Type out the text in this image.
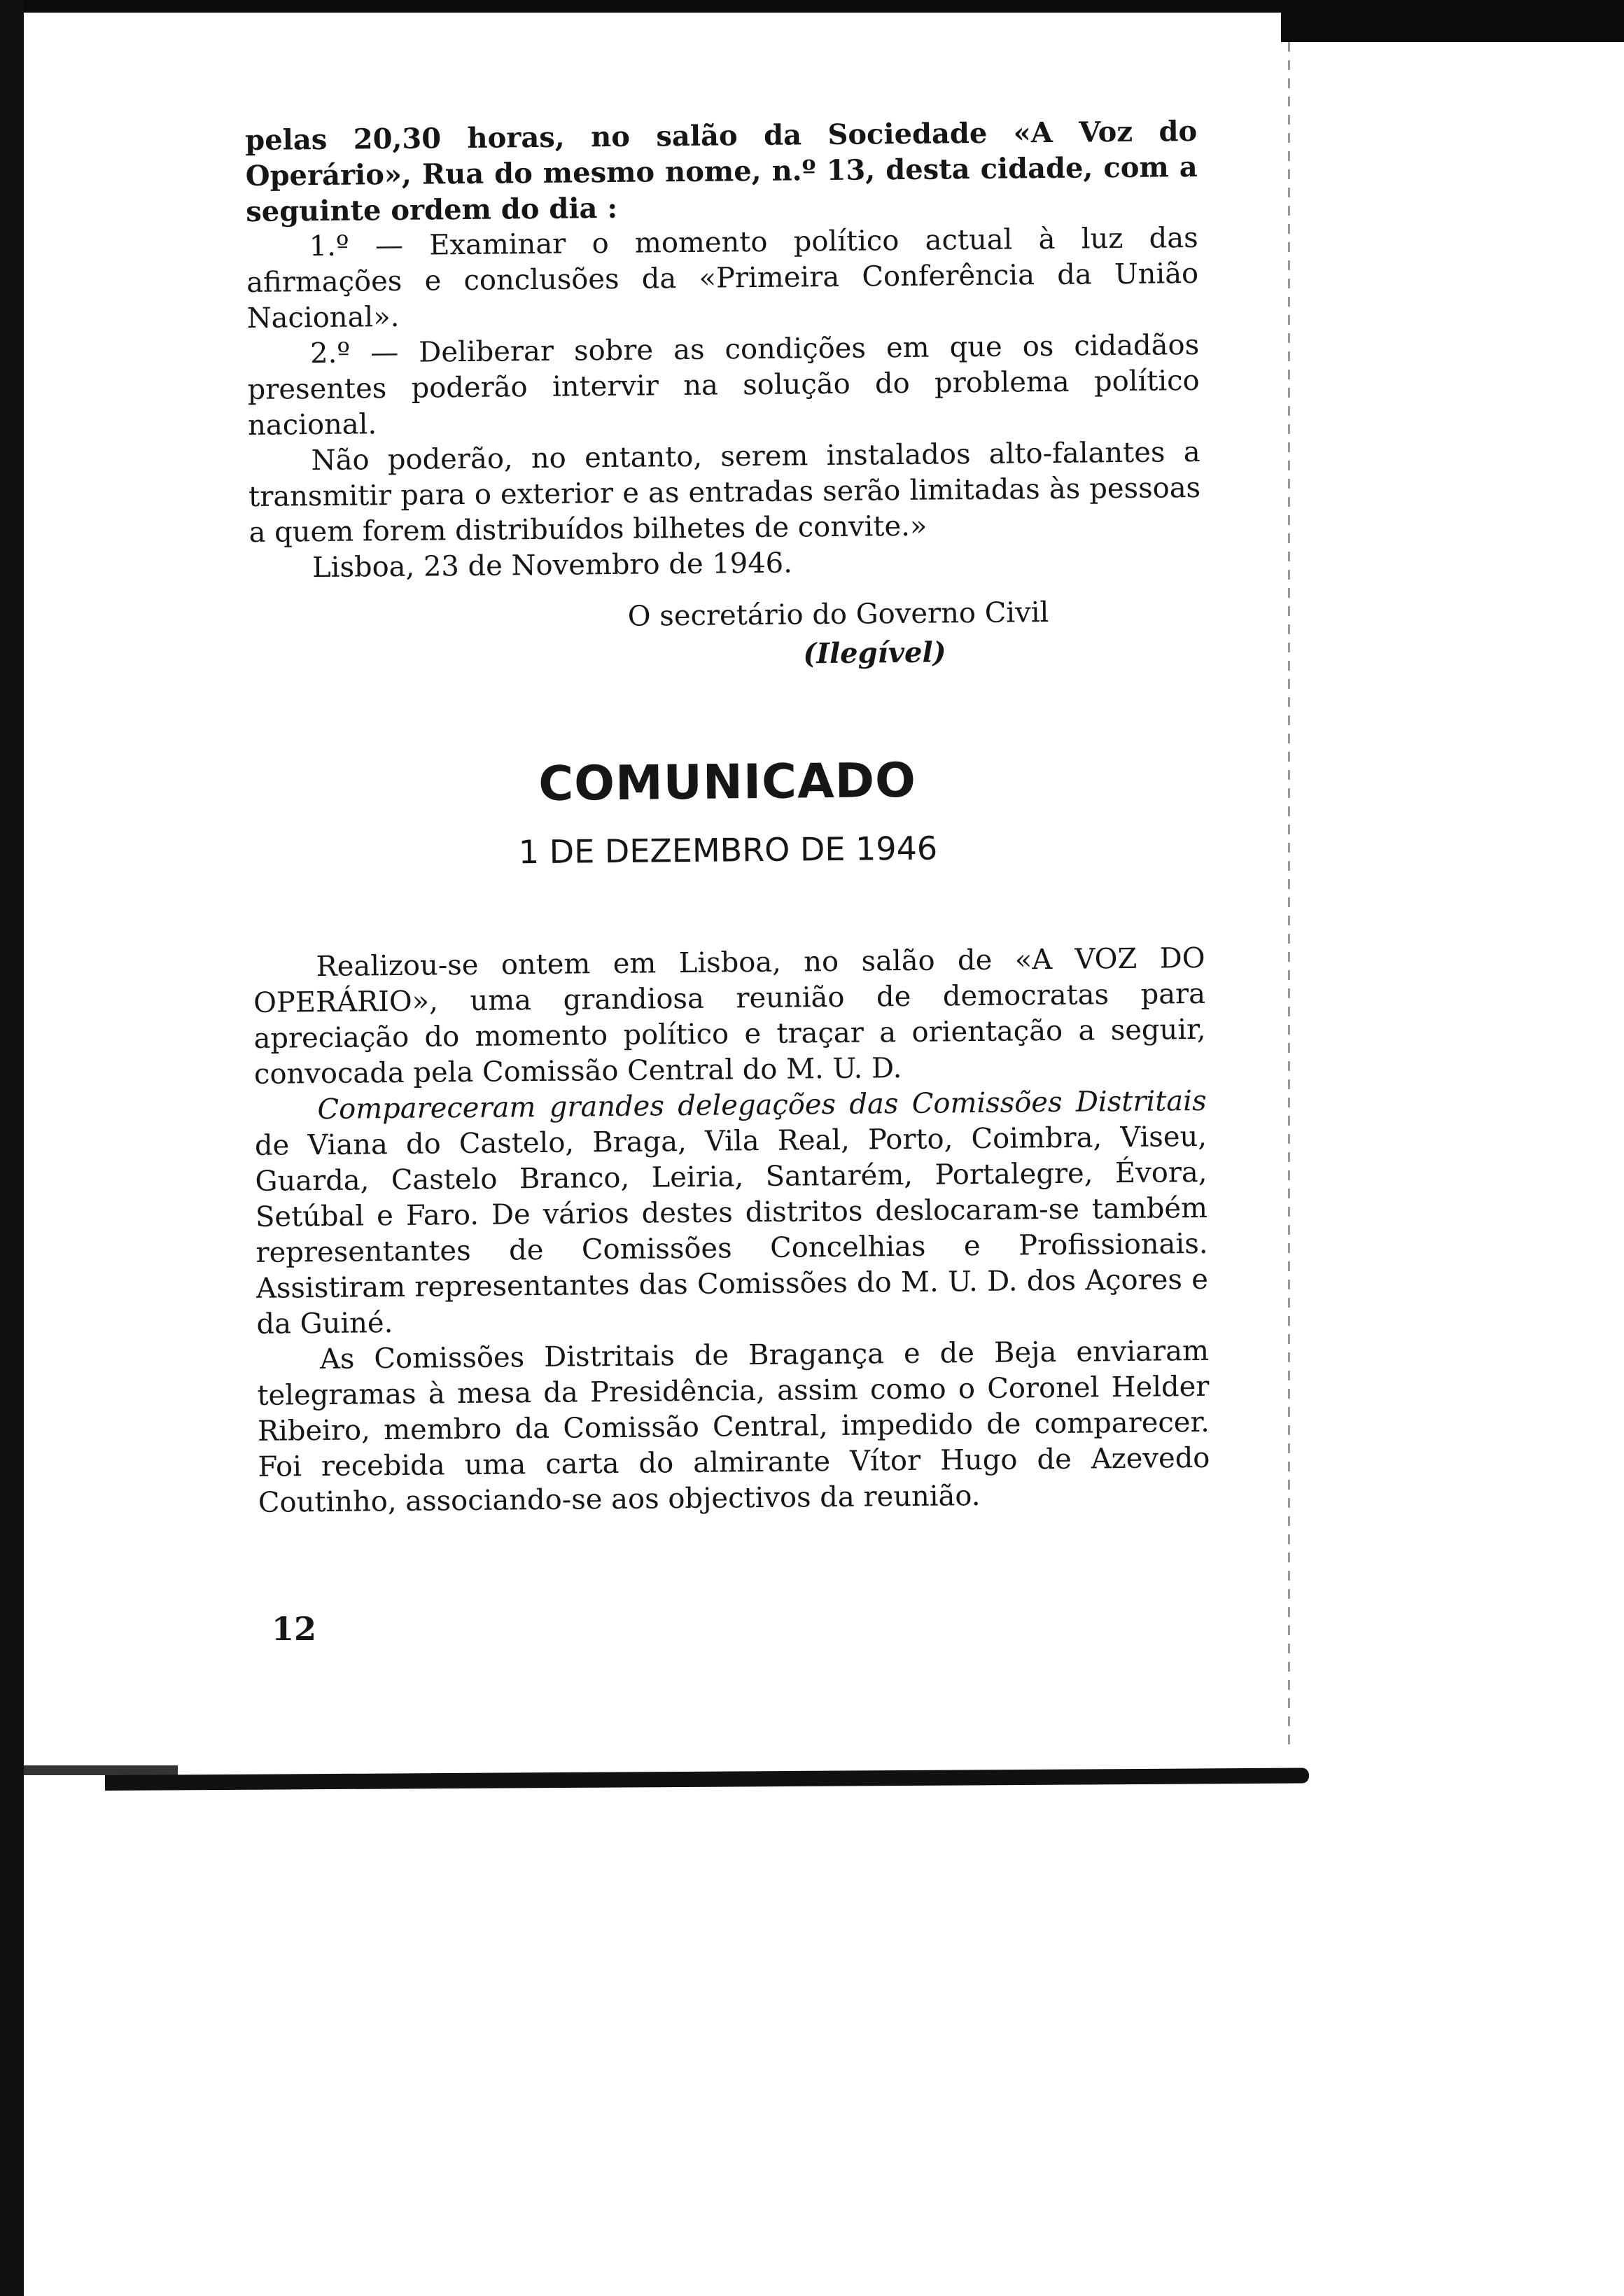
pelas 20,30 horas, no salão da Sociedade «A Voz do Operário», Rua do mesmo nome, n.º 13, desta cidade, com a seguinte ordem do dia :

1.º — Examinar o momento político actual à luz das afirmações e conclusões da «Primeira Conferência da União Nacional».

2.º — Deliberar sobre as condições em que os cidadãos presentes poderão intervir na solução do problema político nacional.

Não poderão, no entanto, serem instalados alto-falantes a transmitir para o exterior e as entradas serão limitadas às pessoas a quem forem distribuídos bilhetes de convite.»

Lisboa, 23 de Novembro de 1946.

O secretário do Governo Civil
(Ilegível)
COMUNICADO
1 DE DEZEMBRO DE 1946

Realizou-se ontem em Lisboa, no salão de «A VOZ DO OPERÁRIO», uma grandiosa reunião de democratas para apreciação do momento político e traçar a orientação a seguir, convocada pela Comissão Central do M. U. D.

Compareceram grandes delegações das Comissões Distritais de Viana do Castelo, Braga, Vila Real, Porto, Coimbra, Viseu, Guarda, Castelo Branco, Leiria, Santarém, Portalegre, Évora, Setúbal e Faro. De vários destes distritos deslocaram-se também representantes de Comissões Concelhias e Profissionais. Assistiram representantes das Comissões do M. U. D. dos Açores e da Guiné.

As Comissões Distritais de Bragança e de Beja enviaram telegramas à mesa da Presidência, assim como o Coronel Helder Ribeiro, membro da Comissão Central, impedido de comparecer. Foi recebida uma carta do almirante Vítor Hugo de Azevedo Coutinho, associando-se aos objectivos da reunião.

12
